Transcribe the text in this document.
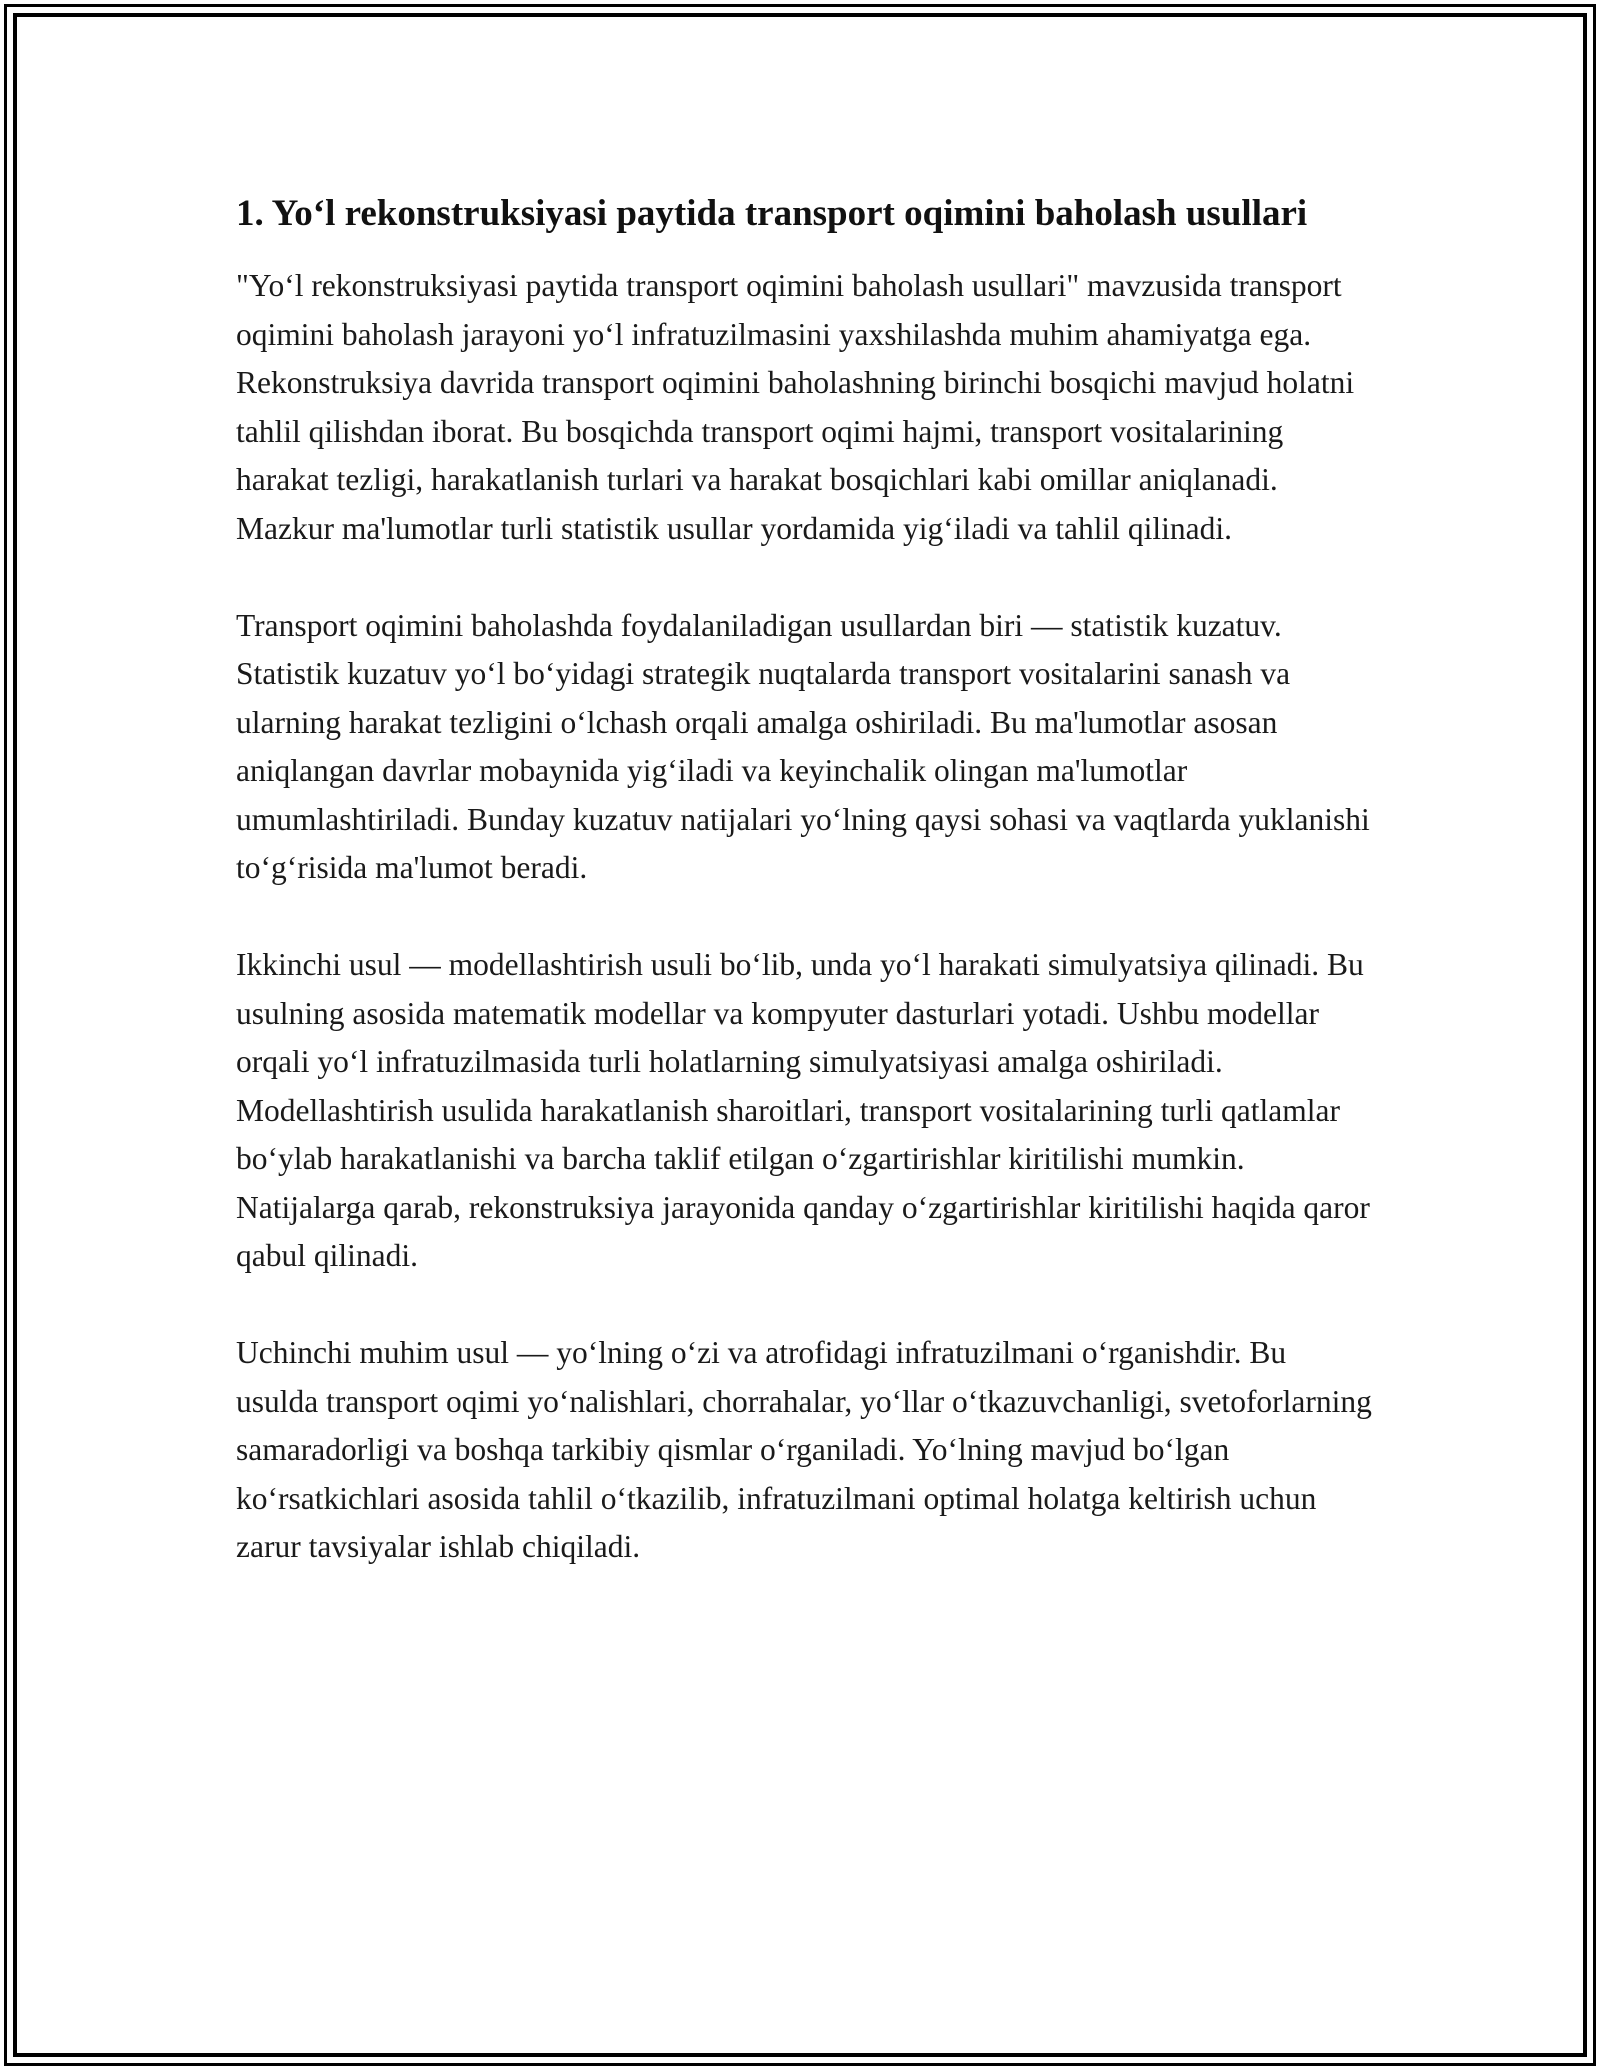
1. Yo‘l rekonstruksiyasi paytida transport oqimini baholash usullari

"Yo‘l rekonstruksiyasi paytida transport oqimini baholash usullari" mavzusida transport oqimini baholash jarayoni yo‘l infratuzilmasini yaxshilashda muhim ahamiyatga ega. Rekonstruksiya davrida transport oqimini baholashning birinchi bosqichi mavjud holatni tahlil qilishdan iborat. Bu bosqichda transport oqimi hajmi, transport vositalarining harakat tezligi, harakatlanish turlari va harakat bosqichlari kabi omillar aniqlanadi. Mazkur ma'lumotlar turli statistik usullar yordamida yig‘iladi va tahlil qilinadi.

Transport oqimini baholashda foydalaniladigan usullardan biri — statistik kuzatuv. Statistik kuzatuv yo‘l bo‘yidagi strategik nuqtalarda transport vositalarini sanash va ularning harakat tezligini o‘lchash orqali amalga oshiriladi. Bu ma'lumotlar asosan aniqlangan davrlar mobaynida yig‘iladi va keyinchalik olingan ma'lumotlar umumlashtiriladi. Bunday kuzatuv natijalari yo‘lning qaysi sohasi va vaqtlarda yuklanishi to‘g‘risida ma'lumot beradi.

Ikkinchi usul — modellashtirish usuli bo‘lib, unda yo‘l harakati simulyatsiya qilinadi. Bu usulning asosida matematik modellar va kompyuter dasturlari yotadi. Ushbu modellar orqali yo‘l infratuzilmasida turli holatlarning simulyatsiyasi amalga oshiriladi. Modellashtirish usulida harakatlanish sharoitlari, transport vositalarining turli qatlamlar bo‘ylab harakatlanishi va barcha taklif etilgan o‘zgartirishlar kiritilishi mumkin. Natijalarga qarab, rekonstruksiya jarayonida qanday o‘zgartirishlar kiritilishi haqida qaror qabul qilinadi.

Uchinchi muhim usul — yo‘lning o‘zi va atrofidagi infratuzilmani o‘rganishdir. Bu usulda transport oqimi yo‘nalishlari, chorrahalar, yo‘llar o‘tkazuvchanligi, svetoforlarning samaradorligi va boshqa tarkibiy qismlar o‘rganiladi. Yo‘lning mavjud bo‘lgan ko‘rsatkichlari asosida tahlil o‘tkazilib, infratuzilmani optimal holatga keltirish uchun zarur tavsiyalar ishlab chiqiladi.
